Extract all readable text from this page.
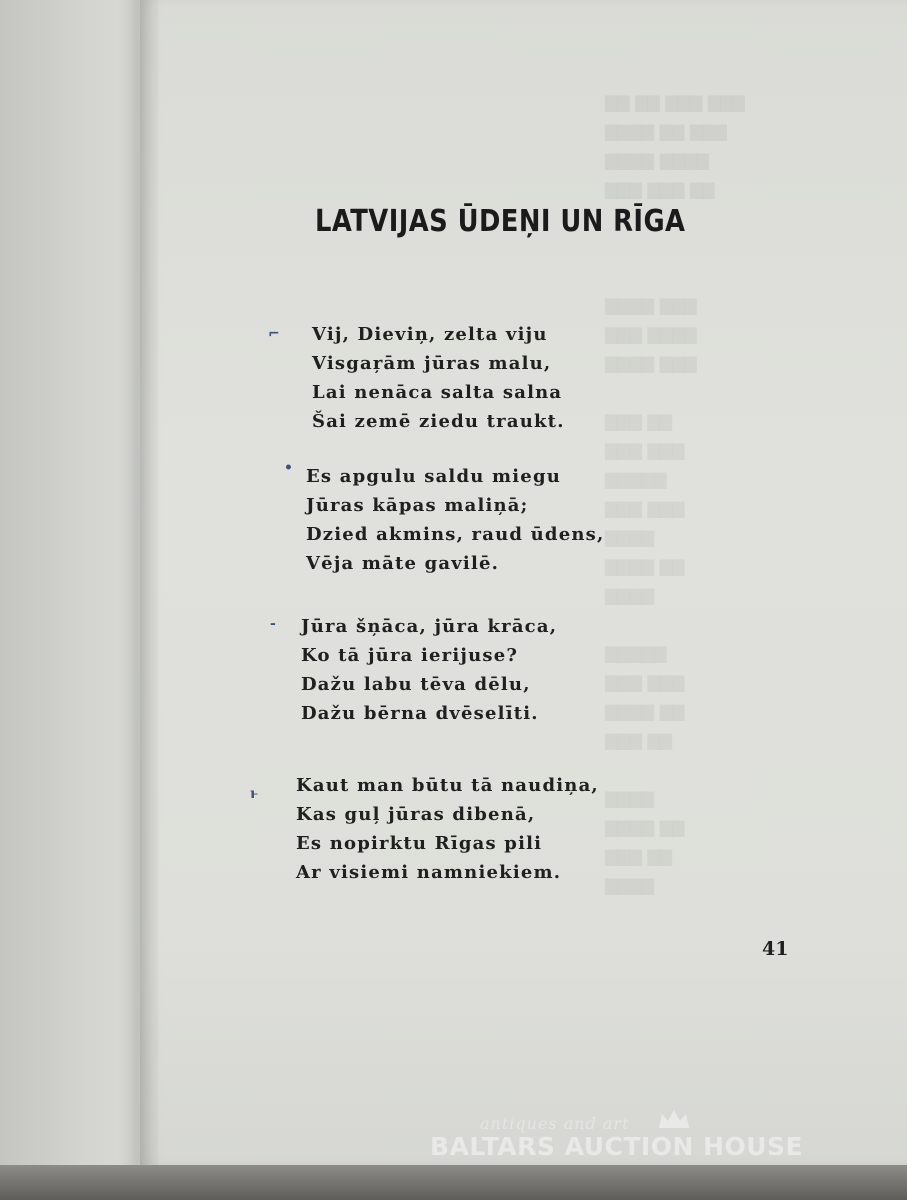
▇▇ ▇▇ ▇▇▇ ▇▇▇
▇▇▇▇ ▇▇ ▇▇▇
▇▇▇▇ ▇▇▇▇
▇▇▇ ▇▇▇ ▇▇

▇▇▇▇ ▇▇▇
▇▇▇ ▇▇▇▇
▇▇▇▇ ▇▇▇

▇▇▇ ▇▇
▇▇▇ ▇▇▇
▇▇▇▇▇
▇▇▇ ▇▇▇
▇▇▇▇
▇▇▇▇ ▇▇
▇▇▇▇

▇▇▇▇▇
▇▇▇ ▇▇▇
▇▇▇▇ ▇▇
▇▇▇ ▇▇

▇▇▇▇
▇▇▇▇ ▇▇
▇▇▇ ▇▇
▇▇▇▇
LATVIJAS ŪDEŅI UN RĪGA
Vij, Dieviņ, zelta viju
Visgaŗām jūras malu,
Lai nenāca salta salna
Šai zemē ziedu traukt.
Es apgulu saldu miegu
Jūras kāpas maliņā;
Dzied akmins, raud ūdens,
Vēja māte gavilē.
Jūra šņāca, jūra krāca,
Ko tā jūra ierijuse?
Dažu labu tēva dēlu,
Dažu bērna dvēselīti.
Kaut man būtu tā naudiņa,
Kas guļ jūras dibenā,
Es nopirktu Rīgas pili
Ar visiemi namniekiem.
⌐
•
‐
ͱ
41
antiques and art
BALTARS AUCTION HOUSE
